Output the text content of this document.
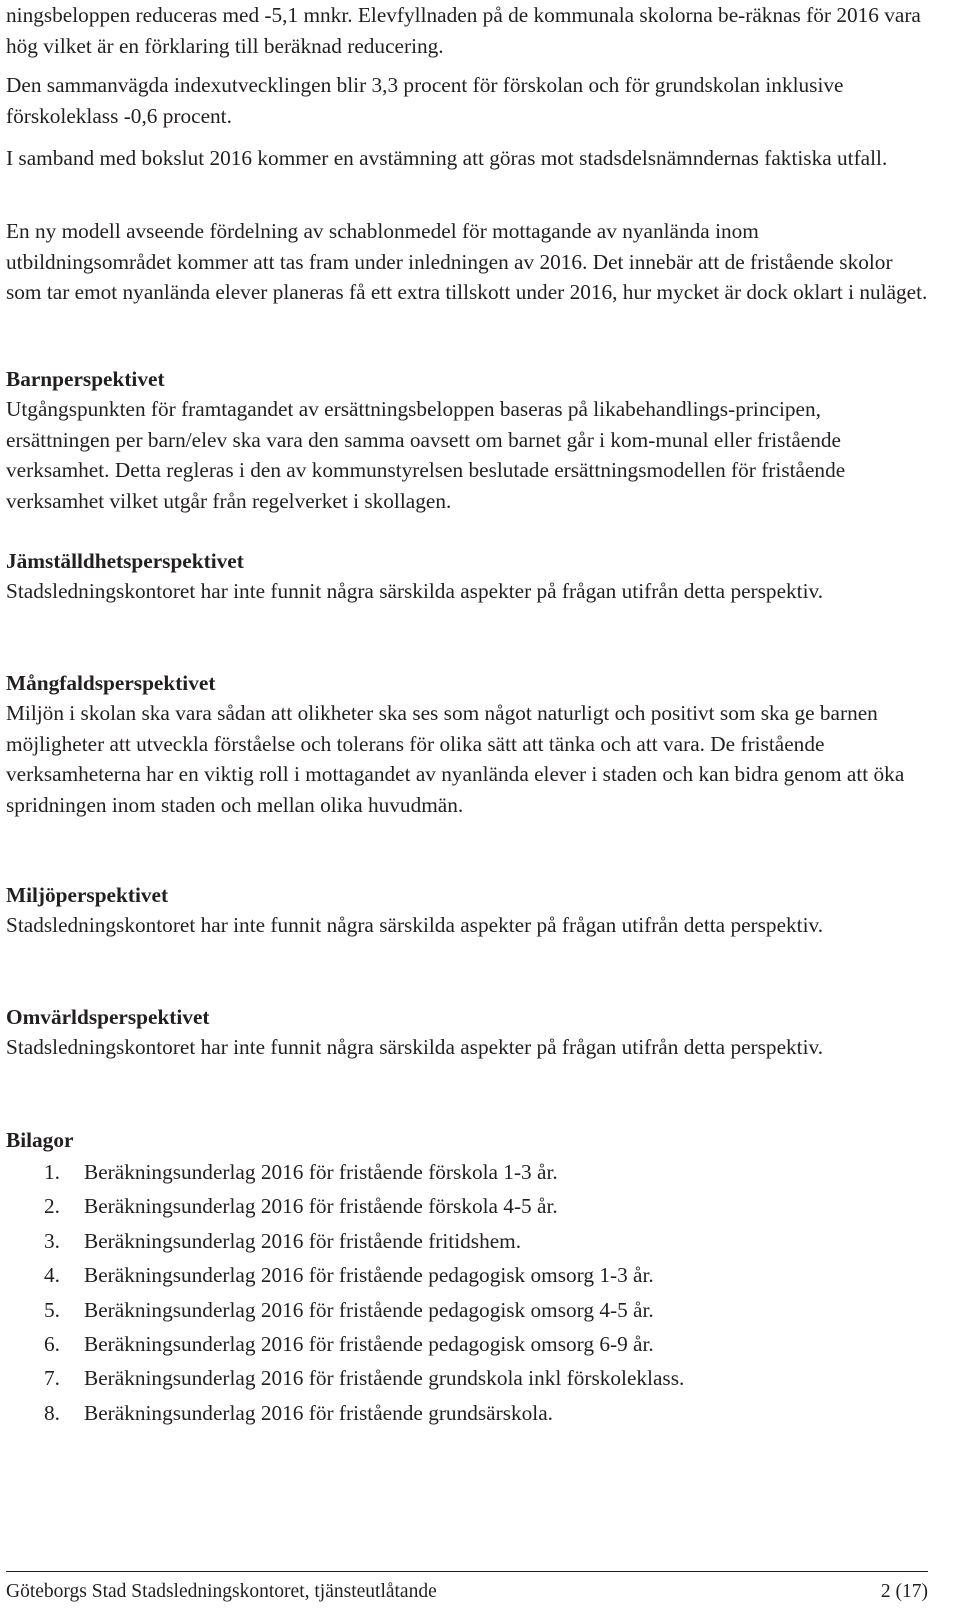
ningsbeloppen reduceras med -5,1 mnkr. Elevfyllnaden på de kommunala skolorna be-räknas för 2016 vara hög vilket är en förklaring till beräknad reducering.

Den sammanvägda indexutvecklingen blir 3,3 procent för förskolan och för grundskolan inklusive förskoleklass -0,6 procent.

I samband med bokslut 2016 kommer en avstämning att göras mot stadsdelsnämndernas faktiska utfall.

En ny modell avseende fördelning av schablonmedel för mottagande av nyanlända inom utbildningsområdet kommer att tas fram under inledningen av 2016. Det innebär att de fristående skolor som tar emot nyanlända elever planeras få ett extra tillskott under 2016, hur mycket är dock oklart i nuläget.

Barnperspektivet

Utgångspunkten för framtagandet av ersättningsbeloppen baseras på likabehandlings-principen, ersättningen per barn/elev ska vara den samma oavsett om barnet går i kom-munal eller fristående verksamhet. Detta regleras i den av kommunstyrelsen beslutade ersättningsmodellen för fristående verksamhet vilket utgår från regelverket i skollagen.

Jämställdhetsperspektivet

Stadsledningskontoret har inte funnit några särskilda aspekter på frågan utifrån detta perspektiv.

Mångfaldsperspektivet

Miljön i skolan ska vara sådan att olikheter ska ses som något naturligt och positivt som ska ge barnen möjligheter att utveckla förståelse och tolerans för olika sätt att tänka och att vara. De fristående verksamheterna har en viktig roll i mottagandet av nyanlända elever i staden och kan bidra genom att öka spridningen inom staden och mellan olika huvudmän.

Miljöperspektivet

Stadsledningskontoret har inte funnit några särskilda aspekter på frågan utifrån detta perspektiv.

Omvärldsperspektivet

Stadsledningskontoret har inte funnit några särskilda aspekter på frågan utifrån detta perspektiv.

Bilagor
1.	Beräkningsunderlag 2016 för fristående förskola 1-3 år.
2.	Beräkningsunderlag 2016 för fristående förskola 4-5 år.
3.	Beräkningsunderlag 2016 för fristående fritidshem.
4.	Beräkningsunderlag 2016 för fristående pedagogisk omsorg 1-3 år.
5.	Beräkningsunderlag 2016 för fristående pedagogisk omsorg 4-5 år.
6.	Beräkningsunderlag 2016 för fristående pedagogisk omsorg 6-9 år.
7.	Beräkningsunderlag 2016 för fristående grundskola inkl förskoleklass.
8.	Beräkningsunderlag 2016 för fristående grundsärskola.
Göteborgs Stad Stadsledningskontoret, tjänsteutlåtande	2 (17)
